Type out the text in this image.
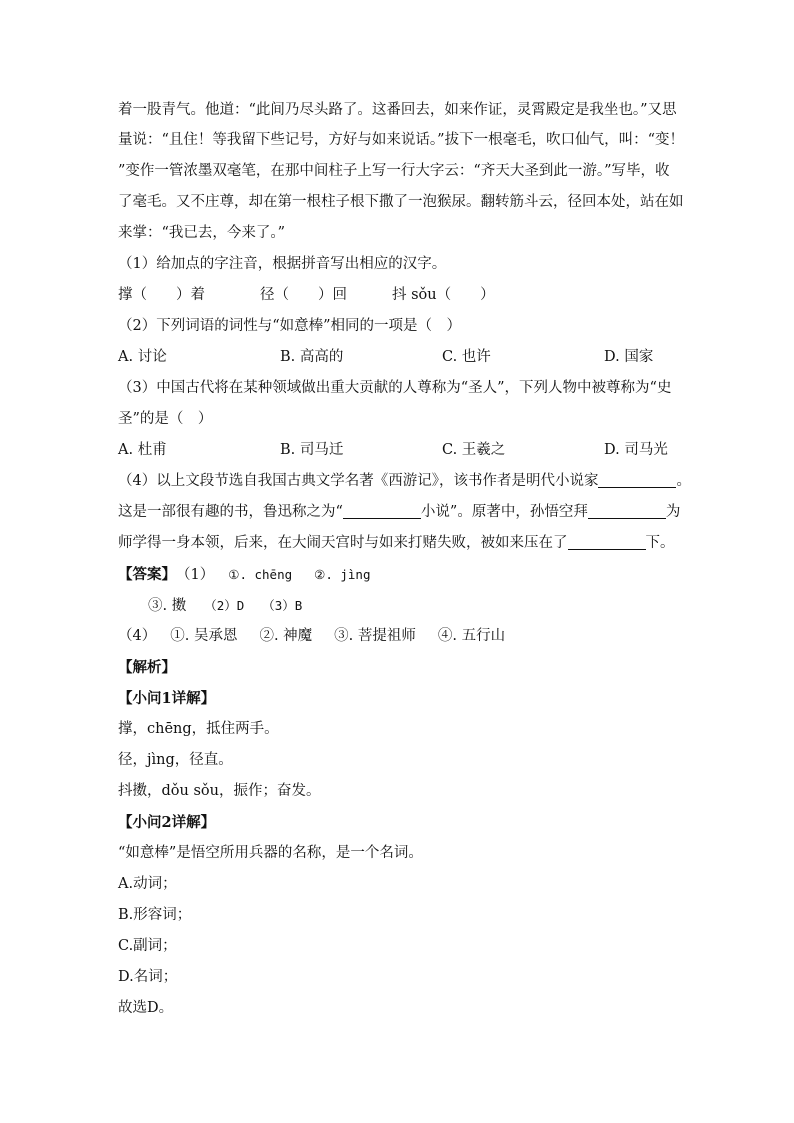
着一股青气。他道：“此间乃尽头路了。这番回去，如来作证，灵霄殿定是我坐也。”又思
量说：“且住！等我留下些记号，方好与如来说话。”拔下一根毫毛，吹口仙气，叫：“变！
”变作一管浓墨双毫笔，在那中间柱子上写一行大字云：“齐天大圣到此一游。”写毕，收
了毫毛。又不庄尊，却在第一根柱子根下撒了一泡猴尿。翻转筋斗云，径回本处，站在如
来掌：“我已去，今来了。”
（1）给加点的字注音，根据拼音写出相应的汉字。
撑（　　）着	径（　　）回	抖 sǒu（　　）
（2）下列词语的词性与“如意棒”相同的一项是（　）
A. 讨论	B. 高高的	C. 也许	D. 国家
（3）中国古代将在某种领域做出重大贡献的人尊称为“圣人”，下列人物中被尊称为“史
圣”的是（　）
A. 杜甫	B. 司马迁	C. 王羲之	D. 司马光
（4）以上文段节选自我国古典文学名著《西游记》，该书作者是明代小说家	。
这是一部很有趣的书，鲁迅称之为“	小说”。原著中，孙悟空拜	为
师学得一身本领，后来，在大闹天宫时与如来打赌失败，被如来压在了	下。
【答案】（1） ①. chēng ②. jìng
③. 擞 （2）D （3）B
（4） ①. 吴承恩 ②. 神魔 ③. 菩提祖师 ④. 五行山
【解析】
【小问1详解】
撑，chēng，抵住两手。
径，jìng，径直。
抖擞，dǒu sǒu，振作；奋发。
【小问2详解】
“如意棒”是悟空所用兵器的名称，是一个名词。
A.动词；
B.形容词；
C.副词；
D.名词；
故选D。
